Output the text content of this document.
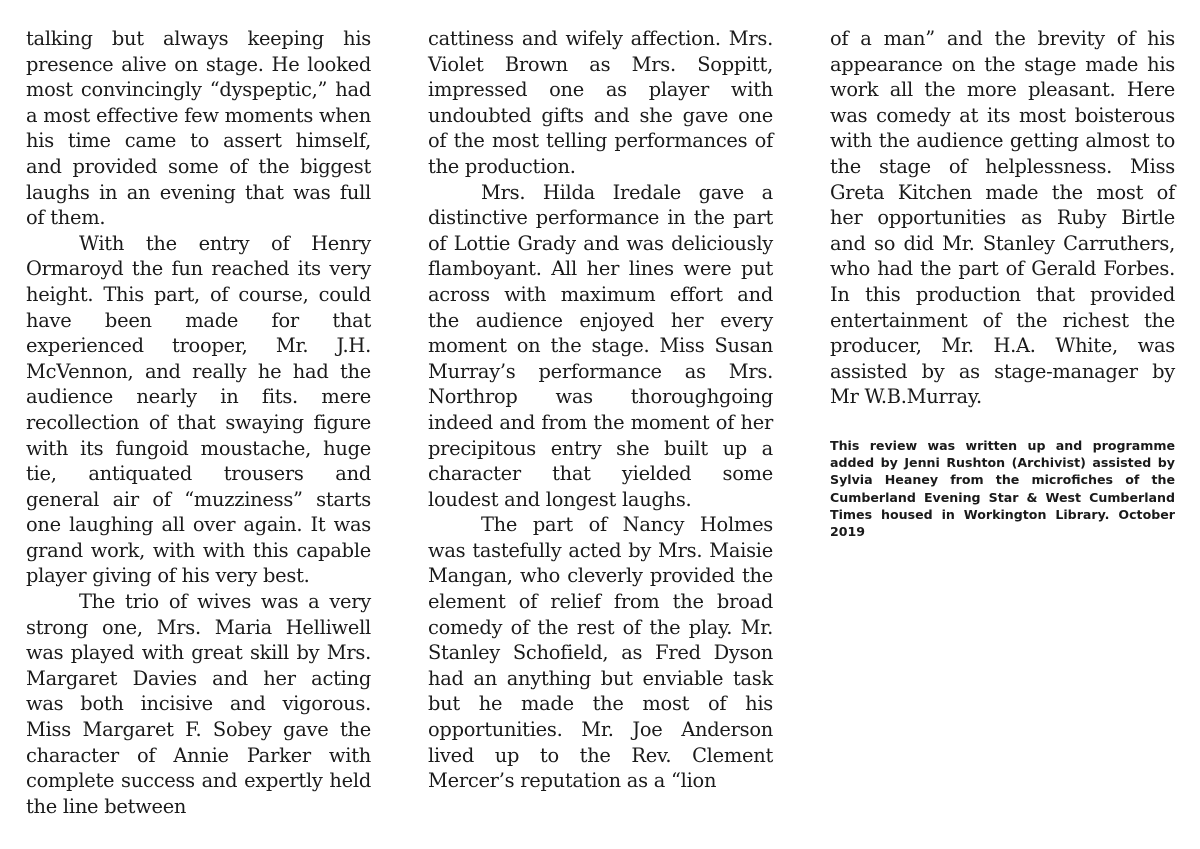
talking but always keeping his presence alive on stage. He looked most convincingly “dyspeptic,” had a most effective few moments when his time came to assert himself, and provided some of the biggest laughs in an evening that was full of them.

With the entry of Henry Ormaroyd the fun reached its very height. This part, of course, could have been made for that experienced trooper, Mr. J.H. McVennon, and really he had the audience nearly in fits. mere recollection of that swaying figure with its fungoid moustache, huge tie, antiquated trousers and general air of “muzziness” starts one laughing all over again. It was grand work, with with this capable player giving of his very best.

The trio of wives was a very strong one, Mrs. Maria Helliwell was played with great skill by Mrs. Margaret Davies and her acting was both incisive and vigorous. Miss Margaret F. Sobey gave the character of Annie Parker with complete success and expertly held the line between

cattiness and wifely affection. Mrs. Violet Brown as Mrs. Soppitt, impressed one as player with undoubted gifts and she gave one of the most telling performances of the production.

Mrs. Hilda Iredale gave a distinctive performance in the part of Lottie Grady and was deliciously flamboyant. All her lines were put across with maximum effort and the audience enjoyed her every moment on the stage. Miss Susan Murray’s performance as Mrs. Northrop was thoroughgoing indeed and from the moment of her precipitous entry she built up a character that yielded some loudest and longest laughs.

The part of Nancy Holmes was tastefully acted by Mrs. Maisie Mangan, who cleverly provided the element of relief from the broad comedy of the rest of the play. Mr. Stanley Schofield, as Fred Dyson had an anything but enviable task but he made the most of his opportunities. Mr. Joe Anderson lived up to the Rev. Clement Mercer’s reputation as a “lion

of a man” and the brevity of his appearance on the stage made his work all the more pleasant. Here was comedy at its most boisterous with the audience getting almost to the stage of helplessness. Miss Greta Kitchen made the most of her opportunities as Ruby Birtle and so did Mr. Stanley Carruthers, who had the part of Gerald Forbes. In this production that provided entertainment of the richest the producer, Mr. H.A. White, was assisted by as stage-manager by Mr W.B.Murray.

This review was written up and programme added by Jenni Rushton (Archivist) assisted by Sylvia Heaney from the microfiches of the Cumberland Evening Star & West Cumberland Times housed in Workington Library. October 2019
